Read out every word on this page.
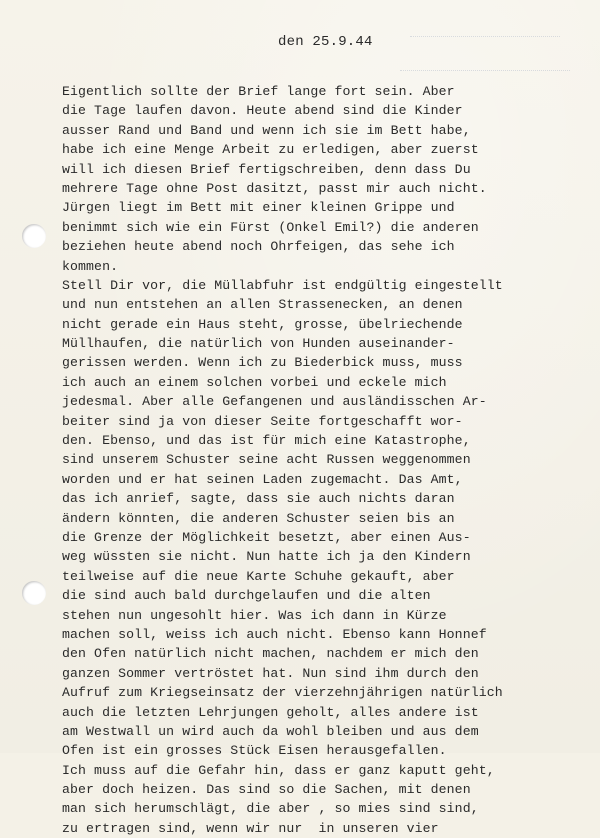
den 25.9.44
Eigentlich sollte der Brief lange fort sein. Aber
die Tage laufen davon. Heute abend sind die Kinder
ausser Rand und Band und wenn ich sie im Bett habe,
habe ich eine Menge Arbeit zu erledigen, aber zuerst
will ich diesen Brief fertigschreiben, denn dass Du
mehrere Tage ohne Post dasitzt, passt mir auch nicht.
Jürgen liegt im Bett mit einer kleinen Grippe und
benimmt sich wie ein Fürst (Onkel Emil?) die anderen
beziehen heute abend noch Ohrfeigen, das sehe ich
kommen.
Stell Dir vor, die Müllabfuhr ist endgültig eingestellt
und nun entstehen an allen Strassenecken, an denen
nicht gerade ein Haus steht, grosse, übelriechende
Müllhaufen, die natürlich von Hunden auseinander-
gerissen werden. Wenn ich zu Biederbick muss, muss
ich auch an einem solchen vorbei und eckele mich
jedesmal. Aber alle Gefangenen und ausländisschen Ar-
beiter sind ja von dieser Seite fortgeschafft wor-
den. Ebenso, und das ist für mich eine Katastrophe,
sind unserem Schuster seine acht Russen weggenommen
worden und er hat seinen Laden zugemacht. Das Amt,
das ich anrief, sagte, dass sie auch nichts daran
ändern könnten, die anderen Schuster seien bis an
die Grenze der Möglichkeit besetzt, aber einen Aus-
weg wüssten sie nicht. Nun hatte ich ja den Kindern
teilweise auf die neue Karte Schuhe gekauft, aber
die sind auch bald durchgelaufen und die alten
stehen nun ungesohlt hier. Was ich dann in Kürze
machen soll, weiss ich auch nicht. Ebenso kann Honnef
den Ofen natürlich nicht machen, nachdem er mich den
ganzen Sommer vertröstet hat. Nun sind ihm durch den
Aufruf zum Kriegseinsatz der vierzehnjährigen natürlich
auch die letzten Lehrjungen geholt, alles andere ist
am Westwall un wird auch da wohl bleiben und aus dem
Ofen ist ein grosses Stück Eisen herausgefallen.
Ich muss auf die Gefahr hin, dass er ganz kaputt geht,
aber doch heizen. Das sind so die Sachen, mit denen
man sich herumschlägt, die aber , so mies sind sind,
zu ertragen sind, wenn wir nur  in unseren vier
